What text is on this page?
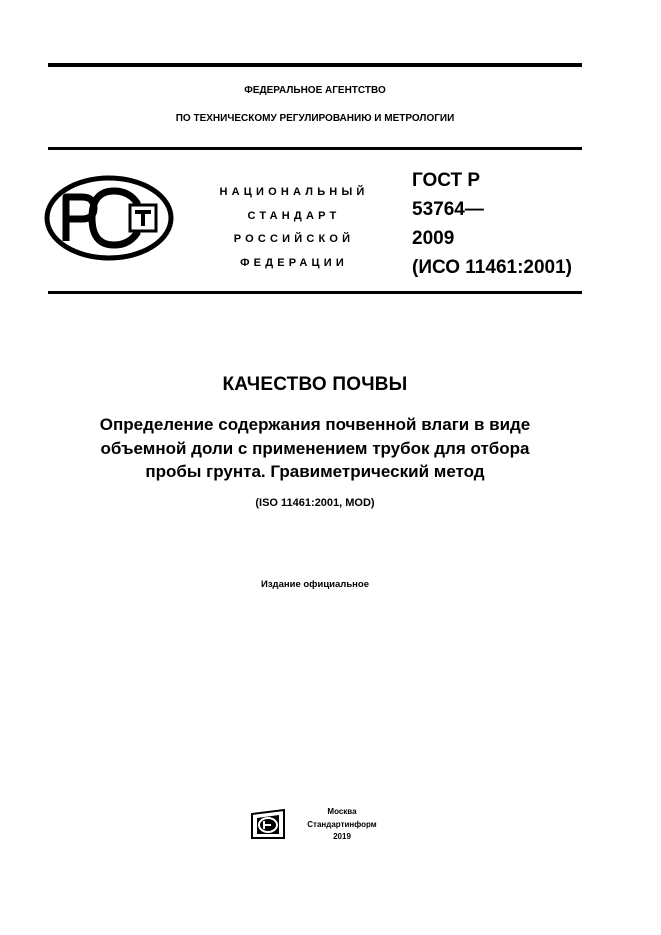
ФЕДЕРАЛЬНОЕ АГЕНТСТВО
ПО ТЕХНИЧЕСКОМУ РЕГУЛИРОВАНИЮ И МЕТРОЛОГИИ
НАЦИОНАЛЬНЫЙ
СТАНДАРТ
РОССИЙСКОЙ
ФЕДЕРАЦИИ
ГОСТ Р
53764—
2009
(ИСО 11461:2001)
КАЧЕСТВО ПОЧВЫ
Определение содержания почвенной влаги в виде
объемной доли с применением трубок для отбора
пробы грунта. Гравиметрический метод
(ISO 11461:2001, MOD)
Издание официальное
Москва
Стандартинформ
2019
